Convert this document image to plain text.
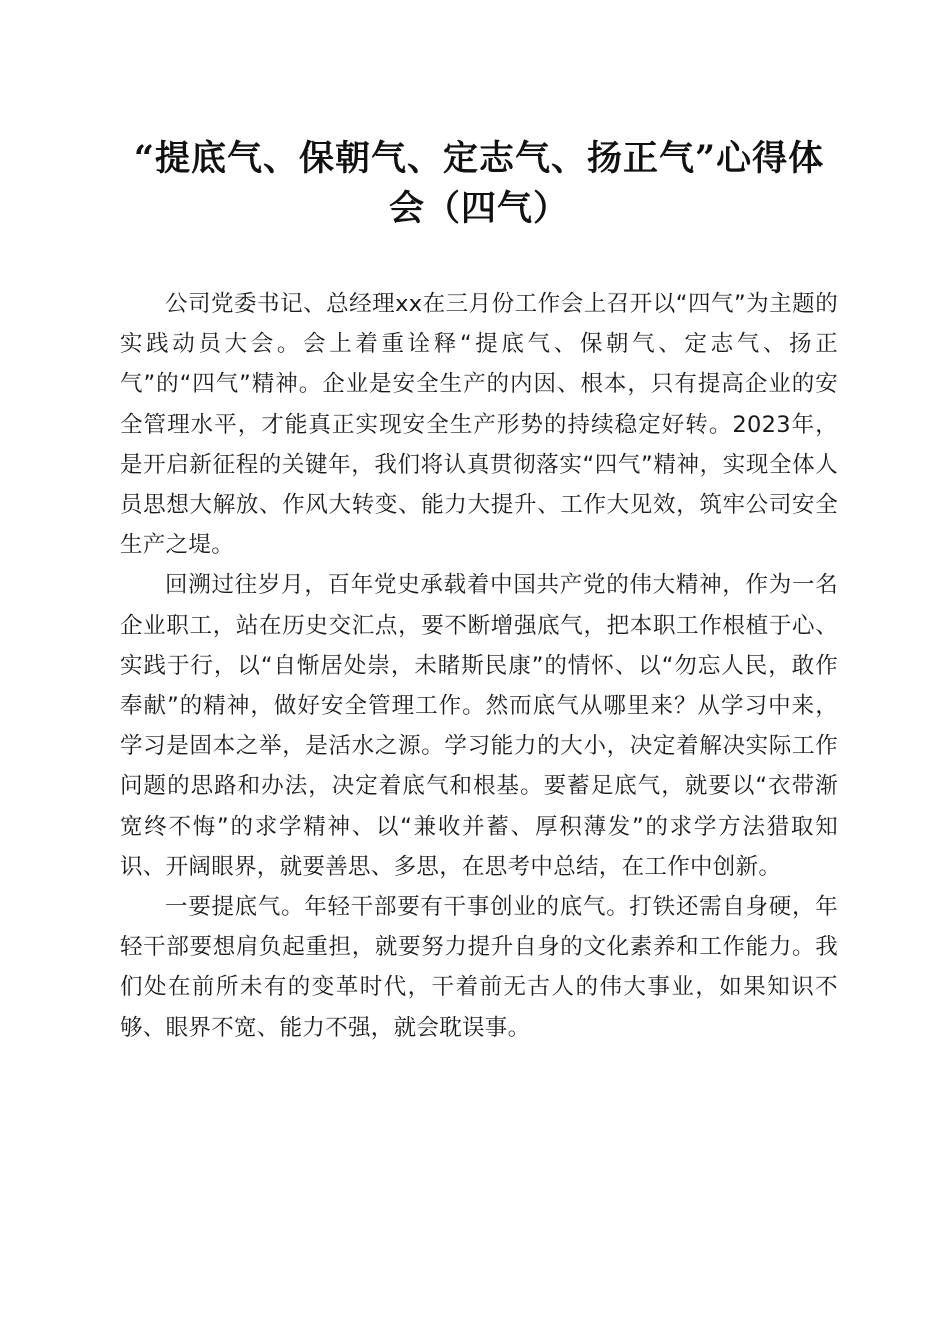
“提底气、保朝气、定志气、扬正气”心得体会（四气）

公司党委书记、总经理xx在三月份工作会上召开以“四气”为主题的实践动员大会。会上着重诠释“提底气、保朝气、定志气、扬正气”的“四气”精神。企业是安全生产的内因、根本，只有提高企业的安全管理水平，才能真正实现安全生产形势的持续稳定好转。2023年，是开启新征程的关键年，我们将认真贯彻落实“四气”精神，实现全体人员思想大解放、作风大转变、能力大提升、工作大见效，筑牢公司安全生产之堤。

回溯过往岁月，百年党史承载着中国共产党的伟大精神，作为一名企业职工，站在历史交汇点，要不断增强底气，把本职工作根植于心、实践于行，以“自惭居处崇，未睹斯民康”的情怀、以“勿忘人民，敢作奉献”的精神，做好安全管理工作。然而底气从哪里来？从学习中来，学习是固本之举，是活水之源。学习能力的大小，决定着解决实际工作问题的思路和办法，决定着底气和根基。要蓄足底气，就要以“衣带渐宽终不悔”的求学精神、以“兼收并蓄、厚积薄发”的求学方法猎取知识、开阔眼界，就要善思、多思，在思考中总结，在工作中创新。

一要提底气。年轻干部要有干事创业的底气。打铁还需自身硬，年轻干部要想肩负起重担，就要努力提升自身的文化素养和工作能力。我们处在前所未有的变革时代，干着前无古人的伟大事业，如果知识不够、眼界不宽、能力不强，就会耽误事。
